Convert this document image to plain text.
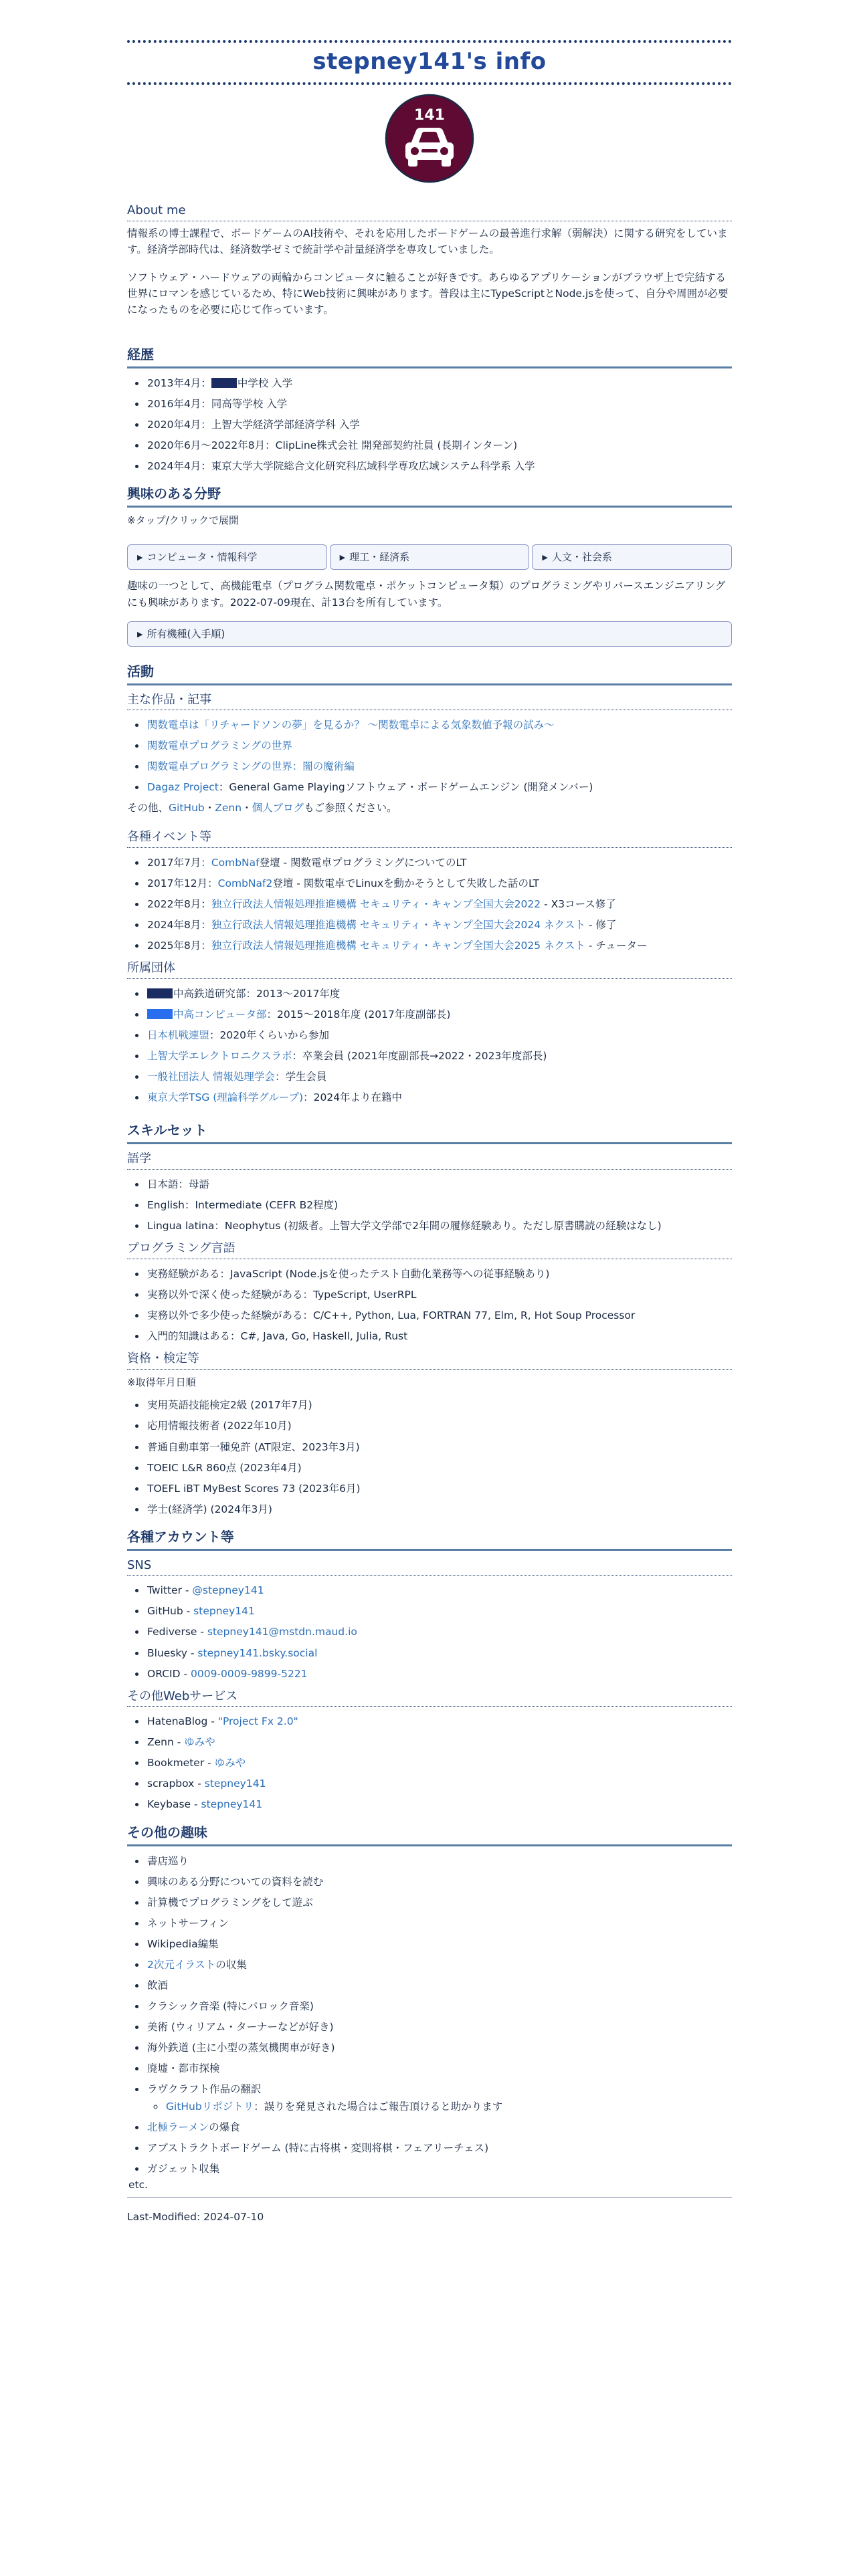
stepney141's info
141
About me

情報系の博士課程で、ボードゲームのAI技術や、それを応用したボードゲームの最善進行求解（弱解決）に関する研究をしています。経済学部時代は、経済数学ゼミで統計学や計量経済学を専攻していました。

ソフトウェア・ハードウェアの両輪からコンピュータに触ることが好きです。あらゆるアプリケーションがブラウザ上で完結する世界にロマンを感じているため、特にWeb技術に興味があります。普段は主にTypeScriptとNode.jsを使って、自分や周囲が必要になったものを必要に応じて作っています。

経歴
• 2013年4月：	中学校 入学
• 2016年4月：同高等学校 入学
• 2020年4月：上智大学経済学部経済学科 入学
• 2020年6月〜2022年8月：ClipLine株式会社 開発部契約社員 (長期インターン)
• 2024年4月：東京大学大学院総合文化研究科広域科学専攻広域システム科学系 入学
興味のある分野

※タップ/クリックで展開

▶ コンピュータ・情報科学	▶ 理工・経済系	▶ 人文・社会系

趣味の一つとして、高機能電卓（プログラム関数電卓・ポケットコンピュータ類）のプログラミングやリバースエンジニアリングにも興味があります。2022-07-09現在、計13台を所有しています。

▶ 所有機種(入手順)
活動
主な作品・記事
• 関数電卓は「リチャードソンの夢」を見るか？ 〜関数電卓による気象数値予報の試み〜
• 関数電卓プログラミングの世界
• 関数電卓プログラミングの世界：闇の魔術編
• Dagaz Project：General Game Playingソフトウェア・ボードゲームエンジン (開発メンバー)

その他、GitHub・Zenn・個人ブログもご参照ください。

各種イベント等
• 2017年7月：CombNaf登壇 - 関数電卓プログラミングについてのLT
• 2017年12月：CombNaf2登壇 - 関数電卓でLinuxを動かそうとして失敗した話のLT
• 2022年8月：独立行政法人情報処理推進機構 セキュリティ・キャンプ全国大会2022 - X3コース修了
• 2024年8月：独立行政法人情報処理推進機構 セキュリティ・キャンプ全国大会2024 ネクスト - 修了
• 2025年8月：独立行政法人情報処理推進機構 セキュリティ・キャンプ全国大会2025 ネクスト - チューター
所属団体
• 中高鉄道研究部：2013〜2017年度
• 中高コンピュータ部：2015〜2018年度 (2017年度副部長)
• 日本机戦連盟：2020年くらいから参加
• 上智大学エレクトロニクスラボ：卒業会員 (2021年度副部長→2022・2023年度部長)
• 一般社団法人 情報処理学会：学生会員
• 東京大学TSG (理論科学グループ)：2024年より在籍中
スキルセット
語学
• 日本語：母語
• English：Intermediate (CEFR B2程度)
• Lingua latina：Neophytus (初級者。上智大学文学部で2年間の履修経験あり。ただし原書購読の経験はなし)
プログラミング言語
• 実務経験がある：JavaScript (Node.jsを使ったテスト自動化業務等への従事経験あり)
• 実務以外で深く使った経験がある：TypeScript, UserRPL
• 実務以外で多少使った経験がある：C/C++, Python, Lua, FORTRAN 77, Elm, R, Hot Soup Processor
• 入門的知識はある：C#, Java, Go, Haskell, Julia, Rust
資格・検定等

※取得年月日順

• 実用英語技能検定2級 (2017年7月)
• 応用情報技術者 (2022年10月)
• 普通自動車第一種免許 (AT限定、2023年3月)
• TOEIC L&R 860点 (2023年4月)
• TOEFL iBT MyBest Scores 73 (2023年6月)
• 学士(経済学) (2024年3月)
各種アカウント等
SNS
• Twitter - @stepney141
• GitHub - stepney141
• Fediverse - stepney141@mstdn.maud.io
• Bluesky - stepney141.bsky.social
• ORCID - 0009-0009-9899-5221
その他Webサービス
• HatenaBlog - "Project Fx 2.0"
• Zenn - ゆみや
• Bookmeter - ゆみや
• scrapbox - stepney141
• Keybase - stepney141
その他の趣味
• 書店巡り
• 興味のある分野についての資料を読む
• 計算機でプログラミングをして遊ぶ
• ネットサーフィン
• Wikipedia編集
• 2次元イラストの収集
• 飲酒
• クラシック音楽 (特にバロック音楽)
• 美術 (ウィリアム・ターナーなどが好き)
• 海外鉄道 (主に小型の蒸気機関車が好き)
• 廃墟・都市探検
• ラヴクラフト作品の翻訳
◦ GitHubリポジトリ：誤りを発見された場合はご報告頂けると助かります
• 北極ラーメンの爆食
• アブストラクトボードゲーム (特に古将棋・変則将棋・フェアリーチェス)
• ガジェット収集
etc.
Last-Modified: 2024-07-10
